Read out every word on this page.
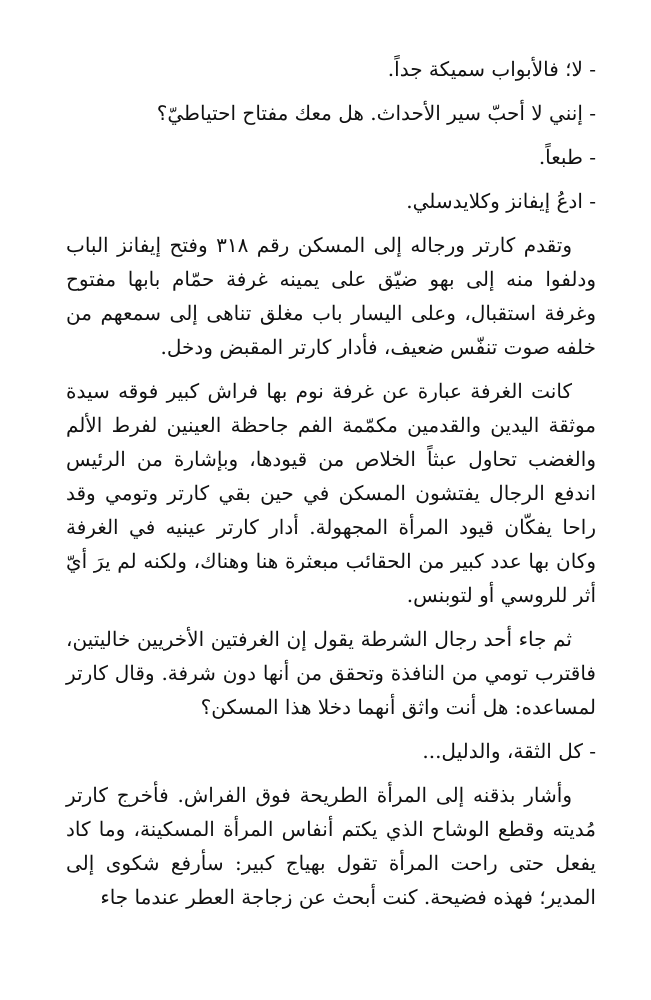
- لا؛ فالأبواب سميكة جداً.

- إنني لا أحبّ سير الأحداث. هل معك مفتاح احتياطيّ؟

- طبعاً.

- ادعُ إيفانز وكلايدسلي.

وتقدم كارتر ورجاله إلى المسكن رقم ٣١٨ وفتح إيفانز الباب ودلفوا منه إلى بهو ضيّق على يمينه غرفة حمّام بابها مفتوح وغرفة استقبال، وعلى اليسار باب مغلق تناهى إلى سمعهم من خلفه صوت تنفّس ضعيف، فأدار كارتر المقبض ودخل.

كانت الغرفة عبارة عن غرفة نوم بها فراش كبير فوقه سيدة موثقة اليدين والقدمين مكمّمة الفم جاحظة العينين لفرط الألم والغضب تحاول عبثاً الخلاص من قيودها، وبإشارة من الرئيس اندفع الرجال يفتشون المسكن في حين بقي كارتر وتومي وقد راحا يفكّان قيود المرأة المجهولة. أدار كارتر عينيه في الغرفة وكان بها عدد كبير من الحقائب مبعثرة هنا وهناك، ولكنه لم يرَ أيّ أثر للروسي أو لتوبنس.

ثم جاء أحد رجال الشرطة يقول إن الغرفتين الأخريين خاليتين، فاقترب تومي من النافذة وتحقق من أنها دون شرفة. وقال كارتر لمساعده: هل أنت واثق أنهما دخلا هذا المسكن؟

- كل الثقة، والدليل...

وأشار بذقنه إلى المرأة الطريحة فوق الفراش. فأخرج كارتر مُديته وقطع الوشاح الذي يكتم أنفاس المرأة المسكينة، وما كاد يفعل حتى راحت المرأة تقول بهياج كبير: سأرفع شكوى إلى المدير؛ فهذه فضيحة. كنت أبحث عن زجاجة العطر عندما جاء
